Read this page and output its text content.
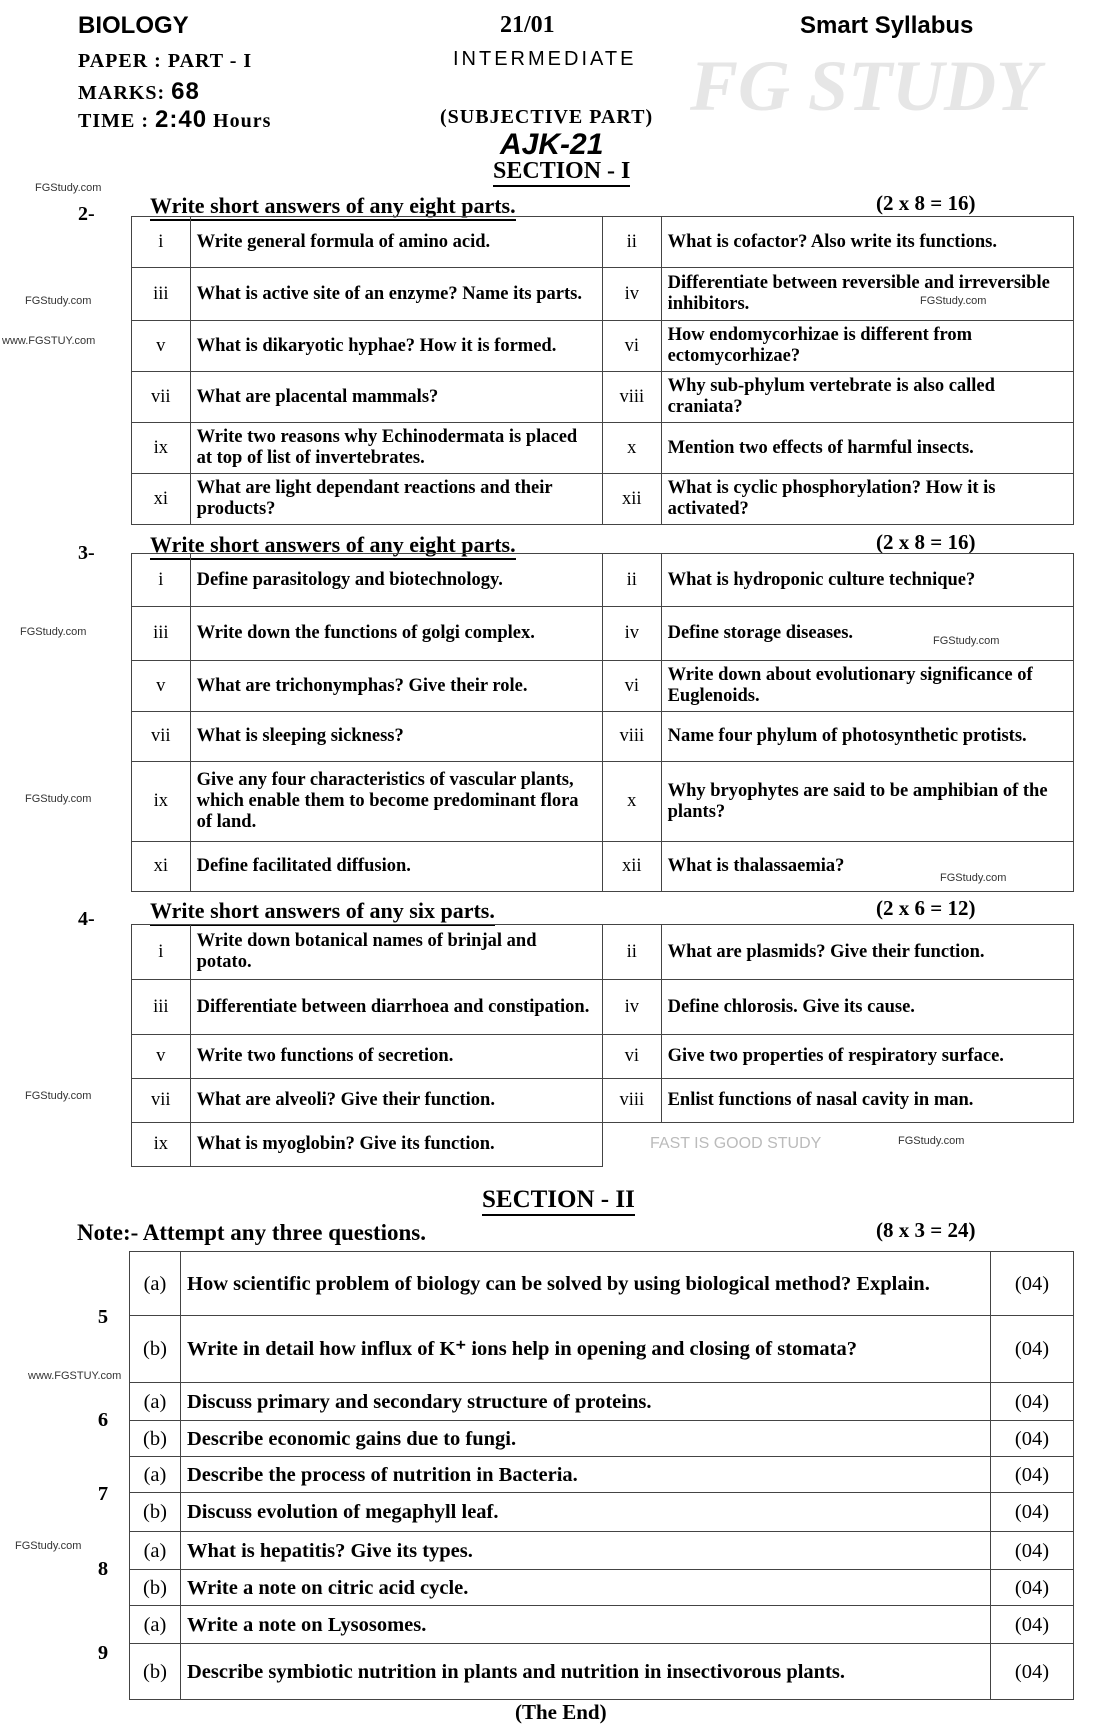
FG STUDY
BIOLOGY	21/01	Smart Syllabus
PAPER : PART - I	INTERMEDIATE
MARKS: 68
TIME : 2:40 Hours	(SUBJECTIVE PART)
AJK-21
SECTION - I
2-	Write short answers of any eight parts.	(2 x 8 = 16)
i	Write general formula of amino acid.	ii	What is cofactor? Also write its functions.
iii	What is active site of an enzyme? Name its parts.	iv	Differentiate between reversible and irreversible inhibitors.
v	What is dikaryotic hyphae? How it is formed.	vi	How endomycorhizae is different from ectomycorhizae?
vii	What are placental mammals?	viii	Why sub-phylum vertebrate is also called craniata?
ix	Write two reasons why Echinodermata is placed at top of list of invertebrates.	x	Mention two effects of harmful insects.
xi	What are light dependant reactions and their products?	xii	What is cyclic phosphorylation? How it is activated?
3-	Write short answers of any eight parts.	(2 x 8 = 16)
i	Define parasitology and biotechnology.	ii	What is hydroponic culture technique?
iii	Write down the functions of golgi complex.	iv	Define storage diseases.
v	What are trichonymphas? Give their role.	vi	Write down about evolutionary significance of Euglenoids.
vii	What is sleeping sickness?	viii	Name four phylum of photosynthetic protists.
ix	Give any four characteristics of vascular plants, which enable them to become predominant flora of land.	x	Why bryophytes are said to be amphibian of the plants?
xi	Define facilitated diffusion.	xii	What is thalassaemia?
4-	Write short answers of any six parts.	(2 x 6 = 12)
i	Write down botanical names of brinjal and potato.	ii	What are plasmids? Give their function.
iii	Differentiate between diarrhoea and constipation.	iv	Define chlorosis. Give its cause.
v	Write two functions of secretion.	vi	Give two properties of respiratory surface.
vii	What are alveoli? Give their function.	viii	Enlist functions of nasal cavity in man.
ix	What is myoglobin? Give its function.		
SECTION - II
Note:- Attempt any three questions.	(8 x 3 = 24)
5	(a)	How scientific problem of biology can be solved by using biological method? Explain.	(04)
	(b)	Write in detail how influx of K⁺ ions help in opening and closing of stomata?	(04)
6	(a)	Discuss primary and secondary structure of proteins.	(04)
	(b)	Describe economic gains due to fungi.	(04)
7	(a)	Describe the process of nutrition in Bacteria.	(04)
	(b)	Discuss evolution of megaphyll leaf.	(04)
8	(a)	What is hepatitis? Give its types.	(04)
	(b)	Write a note on citric acid cycle.	(04)
9	(a)	Write a note on Lysosomes.	(04)
	(b)	Describe symbiotic nutrition in plants and nutrition in insectivorous plants.	(04)
(The End)
FGStudy.com
FGStudy.com
FGStudy.com
FGStudy.com
FGStudy.com
FGStudy.com
FGStudy.com
FGStudy.com
FGStudy.com
www.FGSTUY.com
www.FGSTUY.com
FGStudy.com
FAST IS GOOD STUDY
